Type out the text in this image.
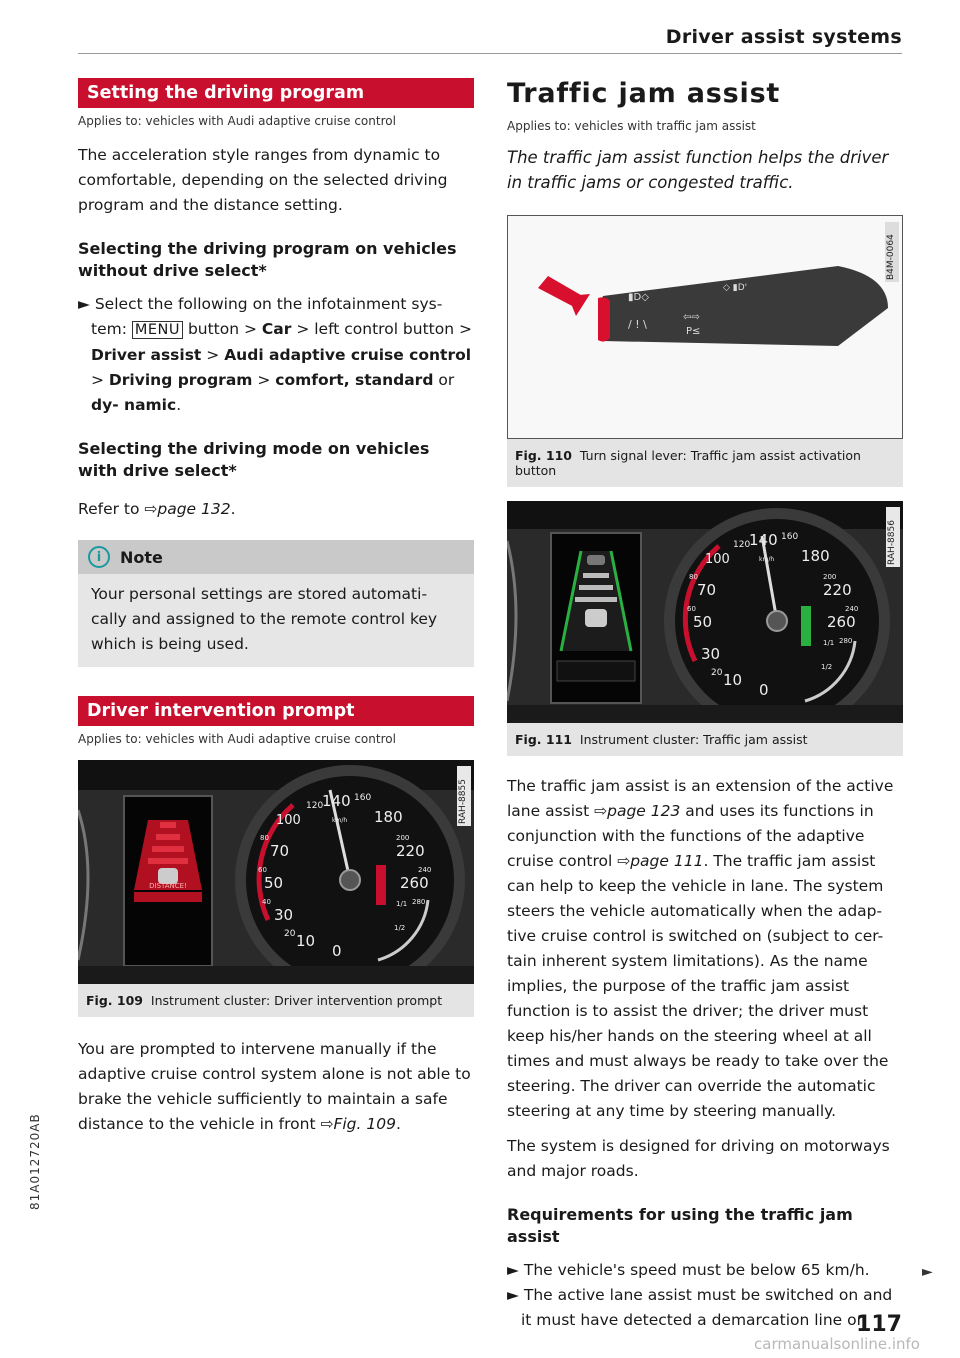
Driver assist systems
Setting the driving program
Applies to: vehicles with Audi adaptive cruise control
The acceleration style ranges from dynamic to comfortable, depending on the selected driving program and the distance setting.
Selecting the driving program on vehicles without drive select*
► Select the following on the infotainment sys- tem: MENU button > Car > left control button > Driver assist > Audi adaptive cruise control > Driving program > comfort, standard or dy- namic.
Selecting the driving mode on vehicles with drive select*
Refer to ⇨page 132.
i	Note
Your personal settings are stored automati- cally and assigned to the remote control key which is being used.
Driver intervention prompt
Applies to: vehicles with Audi adaptive cruise control
DISTANCE!
120
140 160
100	180
80	200
70	220
60	240
50	260
40	280
30
20 10
0
km/h
1/1
1/2
RAH-8855
Fig. 109 Instrument cluster: Driver intervention prompt
You are prompted to intervene manually if the adaptive cruise control system alone is not able to brake the vehicle sufficiently to maintain a safe distance to the vehicle in front ⇨Fig. 109.
Traffic jam assist
Applies to: vehicles with traffic jam assist
The traffic jam assist function helps the driver in traffic jams or congested traffic.
▮D◇
◇ ▮D'
/ ! \
⇦⇨
P≤
B4M-0064
Fig. 110 Turn signal lever: Traffic jam assist activation button
120
140 160
100	180
80	200
70	220
60	240
50	260
30
280
20 10
0
km/h
1/1
1/2
RAH-8856
Fig. 111 Instrument cluster: Traffic jam assist
The traffic jam assist is an extension of the active lane assist ⇨page 123 and uses its functions in conjunction with the functions of the adaptive cruise control ⇨page 111. The traffic jam assist can help to keep the vehicle in lane. The system steers the vehicle automatically when the adap- tive cruise control is switched on (subject to cer- tain inherent system limitations). As the name implies, the purpose of the traffic jam assist function is to assist the driver; the driver must keep his/her hands on the steering wheel at all times and must always be ready to take over the steering. The driver can override the automatic steering at any time by steering manually.
The system is designed for driving on motorways and major roads.
Requirements for using the traffic jam assist
► The vehicle's speed must be below 65 km/h.
► The active lane assist must be switched on and it must have detected a demarcation line on
►
81A012720AB
117
carmanualsonline.info
